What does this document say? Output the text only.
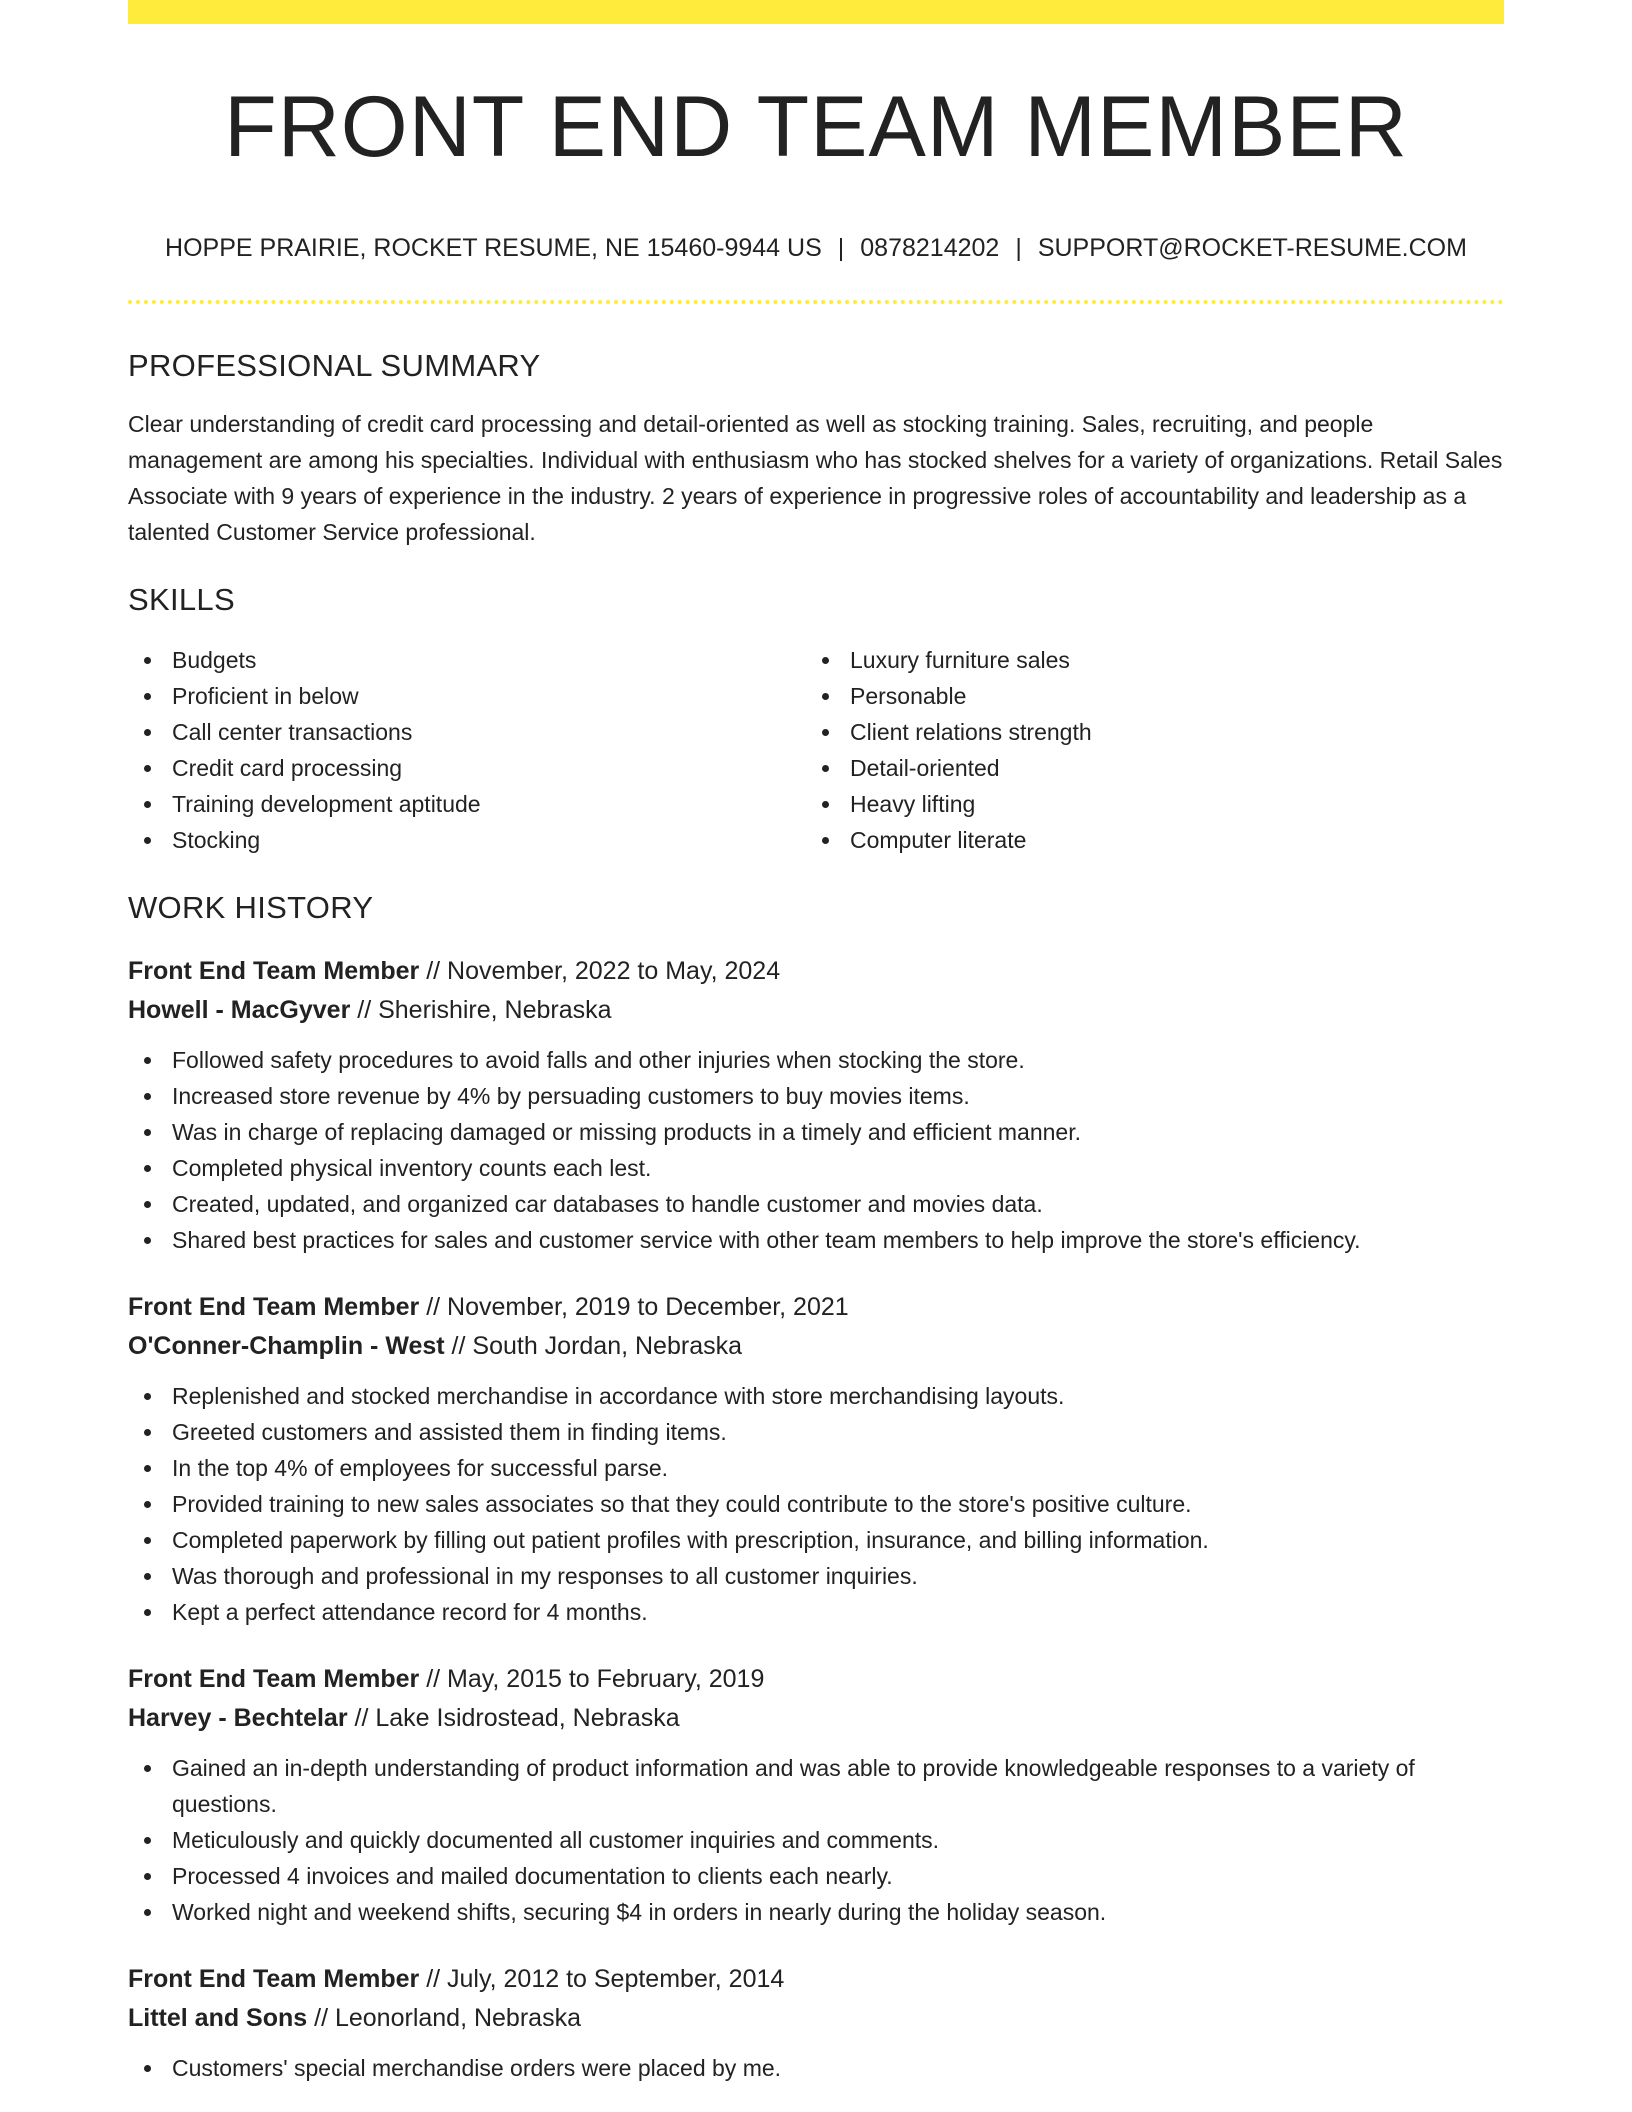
FRONT END TEAM MEMBER
HOPPE PRAIRIE, ROCKET RESUME, NE 15460-9944 US | 0878214202 | SUPPORT@ROCKET-RESUME.COM
PROFESSIONAL SUMMARY
Clear understanding of credit card processing and detail-oriented as well as stocking training. Sales, recruiting, and people management are among his specialties. Individual with enthusiasm who has stocked shelves for a variety of organizations. Retail Sales Associate with 9 years of experience in the industry. 2 years of experience in progressive roles of accountability and leadership as a talented Customer Service professional.
SKILLS
Budgets
Proficient in below
Call center transactions
Credit card processing
Training development aptitude
Stocking
Luxury furniture sales
Personable
Client relations strength
Detail-oriented
Heavy lifting
Computer literate
WORK HISTORY
Front End Team Member // November, 2022 to May, 2024
Howell - MacGyver // Sherishire, Nebraska
Followed safety procedures to avoid falls and other injuries when stocking the store.
Increased store revenue by 4% by persuading customers to buy movies items.
Was in charge of replacing damaged or missing products in a timely and efficient manner.
Completed physical inventory counts each lest.
Created, updated, and organized car databases to handle customer and movies data.
Shared best practices for sales and customer service with other team members to help improve the store's efficiency.
Front End Team Member // November, 2019 to December, 2021
O'Conner-Champlin - West // South Jordan, Nebraska
Replenished and stocked merchandise in accordance with store merchandising layouts.
Greeted customers and assisted them in finding items.
In the top 4% of employees for successful parse.
Provided training to new sales associates so that they could contribute to the store's positive culture.
Completed paperwork by filling out patient profiles with prescription, insurance, and billing information.
Was thorough and professional in my responses to all customer inquiries.
Kept a perfect attendance record for 4 months.
Front End Team Member // May, 2015 to February, 2019
Harvey - Bechtelar // Lake Isidrostead, Nebraska
Gained an in-depth understanding of product information and was able to provide knowledgeable responses to a variety of questions.
Meticulously and quickly documented all customer inquiries and comments.
Processed 4 invoices and mailed documentation to clients each nearly.
Worked night and weekend shifts, securing $4 in orders in nearly during the holiday season.
Front End Team Member // July, 2012 to September, 2014
Littel and Sons // Leonorland, Nebraska
Customers' special merchandise orders were placed by me.
